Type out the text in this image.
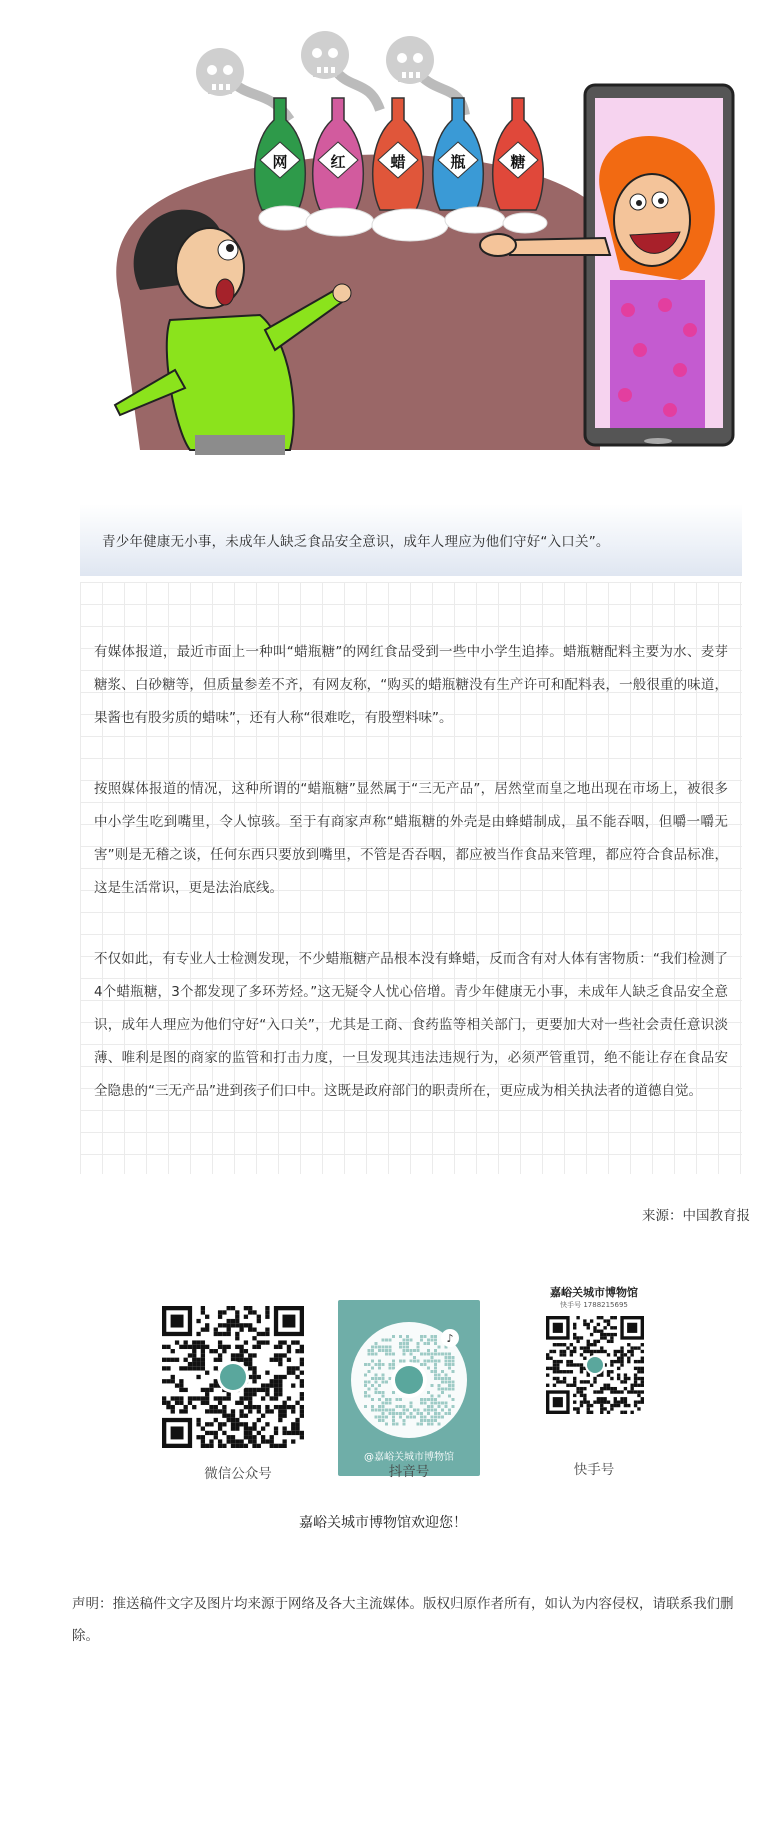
网	红	蜡	瓶	糖

青少年健康无小事，未成年人缺乏食品安全意识，成年人理应为他们守好“入口关”。

有媒体报道，最近市面上一种叫“蜡瓶糖”的网红食品受到一些中小学生追捧。蜡瓶糖配料主要为水、麦芽糖浆、白砂糖等，但质量参差不齐，有网友称，“购买的蜡瓶糖没有生产许可和配料表，一般很重的味道，果酱也有股劣质的蜡味”，还有人称“很难吃，有股塑料味”。

按照媒体报道的情况，这种所谓的“蜡瓶糖”显然属于“三无产品”，居然堂而皇之地出现在市场上，被很多中小学生吃到嘴里，令人惊骇。至于有商家声称“蜡瓶糖的外壳是由蜂蜡制成，虽不能吞咽，但嚼一嚼无害”则是无稽之谈，任何东西只要放到嘴里，不管是否吞咽，都应被当作食品来管理，都应符合食品标准，这是生活常识，更是法治底线。

不仅如此，有专业人士检测发现，不少蜡瓶糖产品根本没有蜂蜡，反而含有对人体有害物质：“我们检测了4个蜡瓶糖，3个都发现了多环芳烃。”这无疑令人忧心倍增。青少年健康无小事，未成年人缺乏食品安全意识，成年人理应为他们守好“入口关”，尤其是工商、食药监等相关部门，更要加大对一些社会责任意识淡薄、唯利是图的商家的监管和打击力度，一旦发现其违法违规行为，必须严管重罚，绝不能让存在食品安全隐患的“三无产品”进到孩子们口中。这既是政府部门的职责所在，更应成为相关执法者的道德自觉。

来源：中国教育报
微信公众号
♪
@嘉峪关城市博物馆
抖音号
嘉峪关城市博物馆
快手号 1788215695
快手号
嘉峪关城市博物馆欢迎您！

声明：推送稿件文字及图片均来源于网络及各大主流媒体。版权归原作者所有，如认为内容侵权，请联系我们删除。
